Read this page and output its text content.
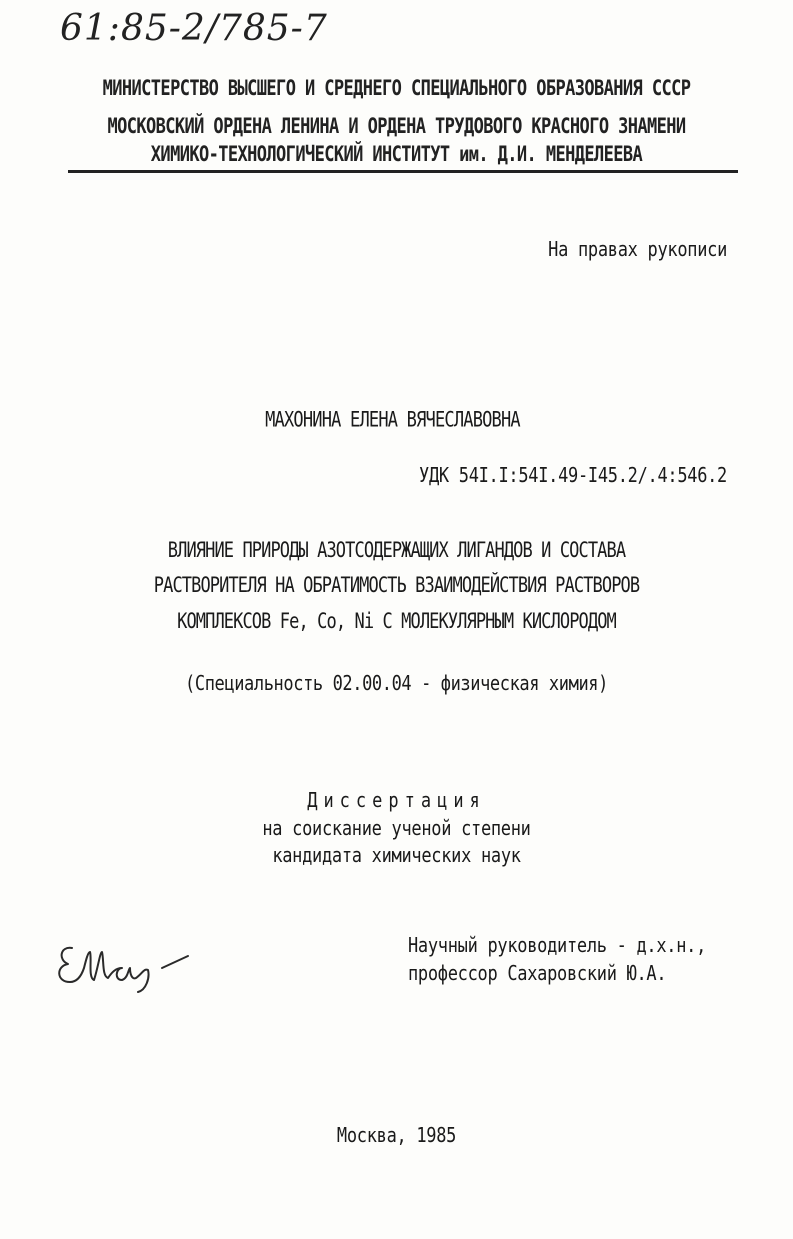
61:85-2/785-7
МИНИСТЕРСТВО ВЫСШЕГО И СРЕДНЕГО СПЕЦИАЛЬНОГО ОБРАЗОВАНИЯ СССР
МОСКОВСКИЙ ОРДЕНА ЛЕНИНА И ОРДЕНА ТРУДОВОГО КРАСНОГО ЗНАМЕНИ
ХИМИКО-ТЕХНОЛОГИЧЕСКИЙ ИНСТИТУТ им. Д.И. МЕНДЕЛЕЕВА
На правах рукописи
МАХОНИНА ЕЛЕНА ВЯЧЕСЛАВОВНА
УДК 54I.I:54I.49-I45.2/.4:546.2
ВЛИЯНИЕ ПРИРОДЫ АЗОТСОДЕРЖАЩИХ ЛИГАНДОВ И СОСТАВА
РАСТВОРИТЕЛЯ НА ОБРАТИМОСТЬ ВЗАИМОДЕЙСТВИЯ РАСТВОРОВ
КОМПЛЕКСОВ Fe, Co, Ni С МОЛЕКУЛЯРНЫМ КИСЛОРОДОМ
(Специальность 02.00.04 - физическая химия)
Диссертация
на соискание ученой степени
кандидата химических наук
Научный руководитель - д.х.н.,
профессор Сахаровский Ю.А.
Москва, 1985
